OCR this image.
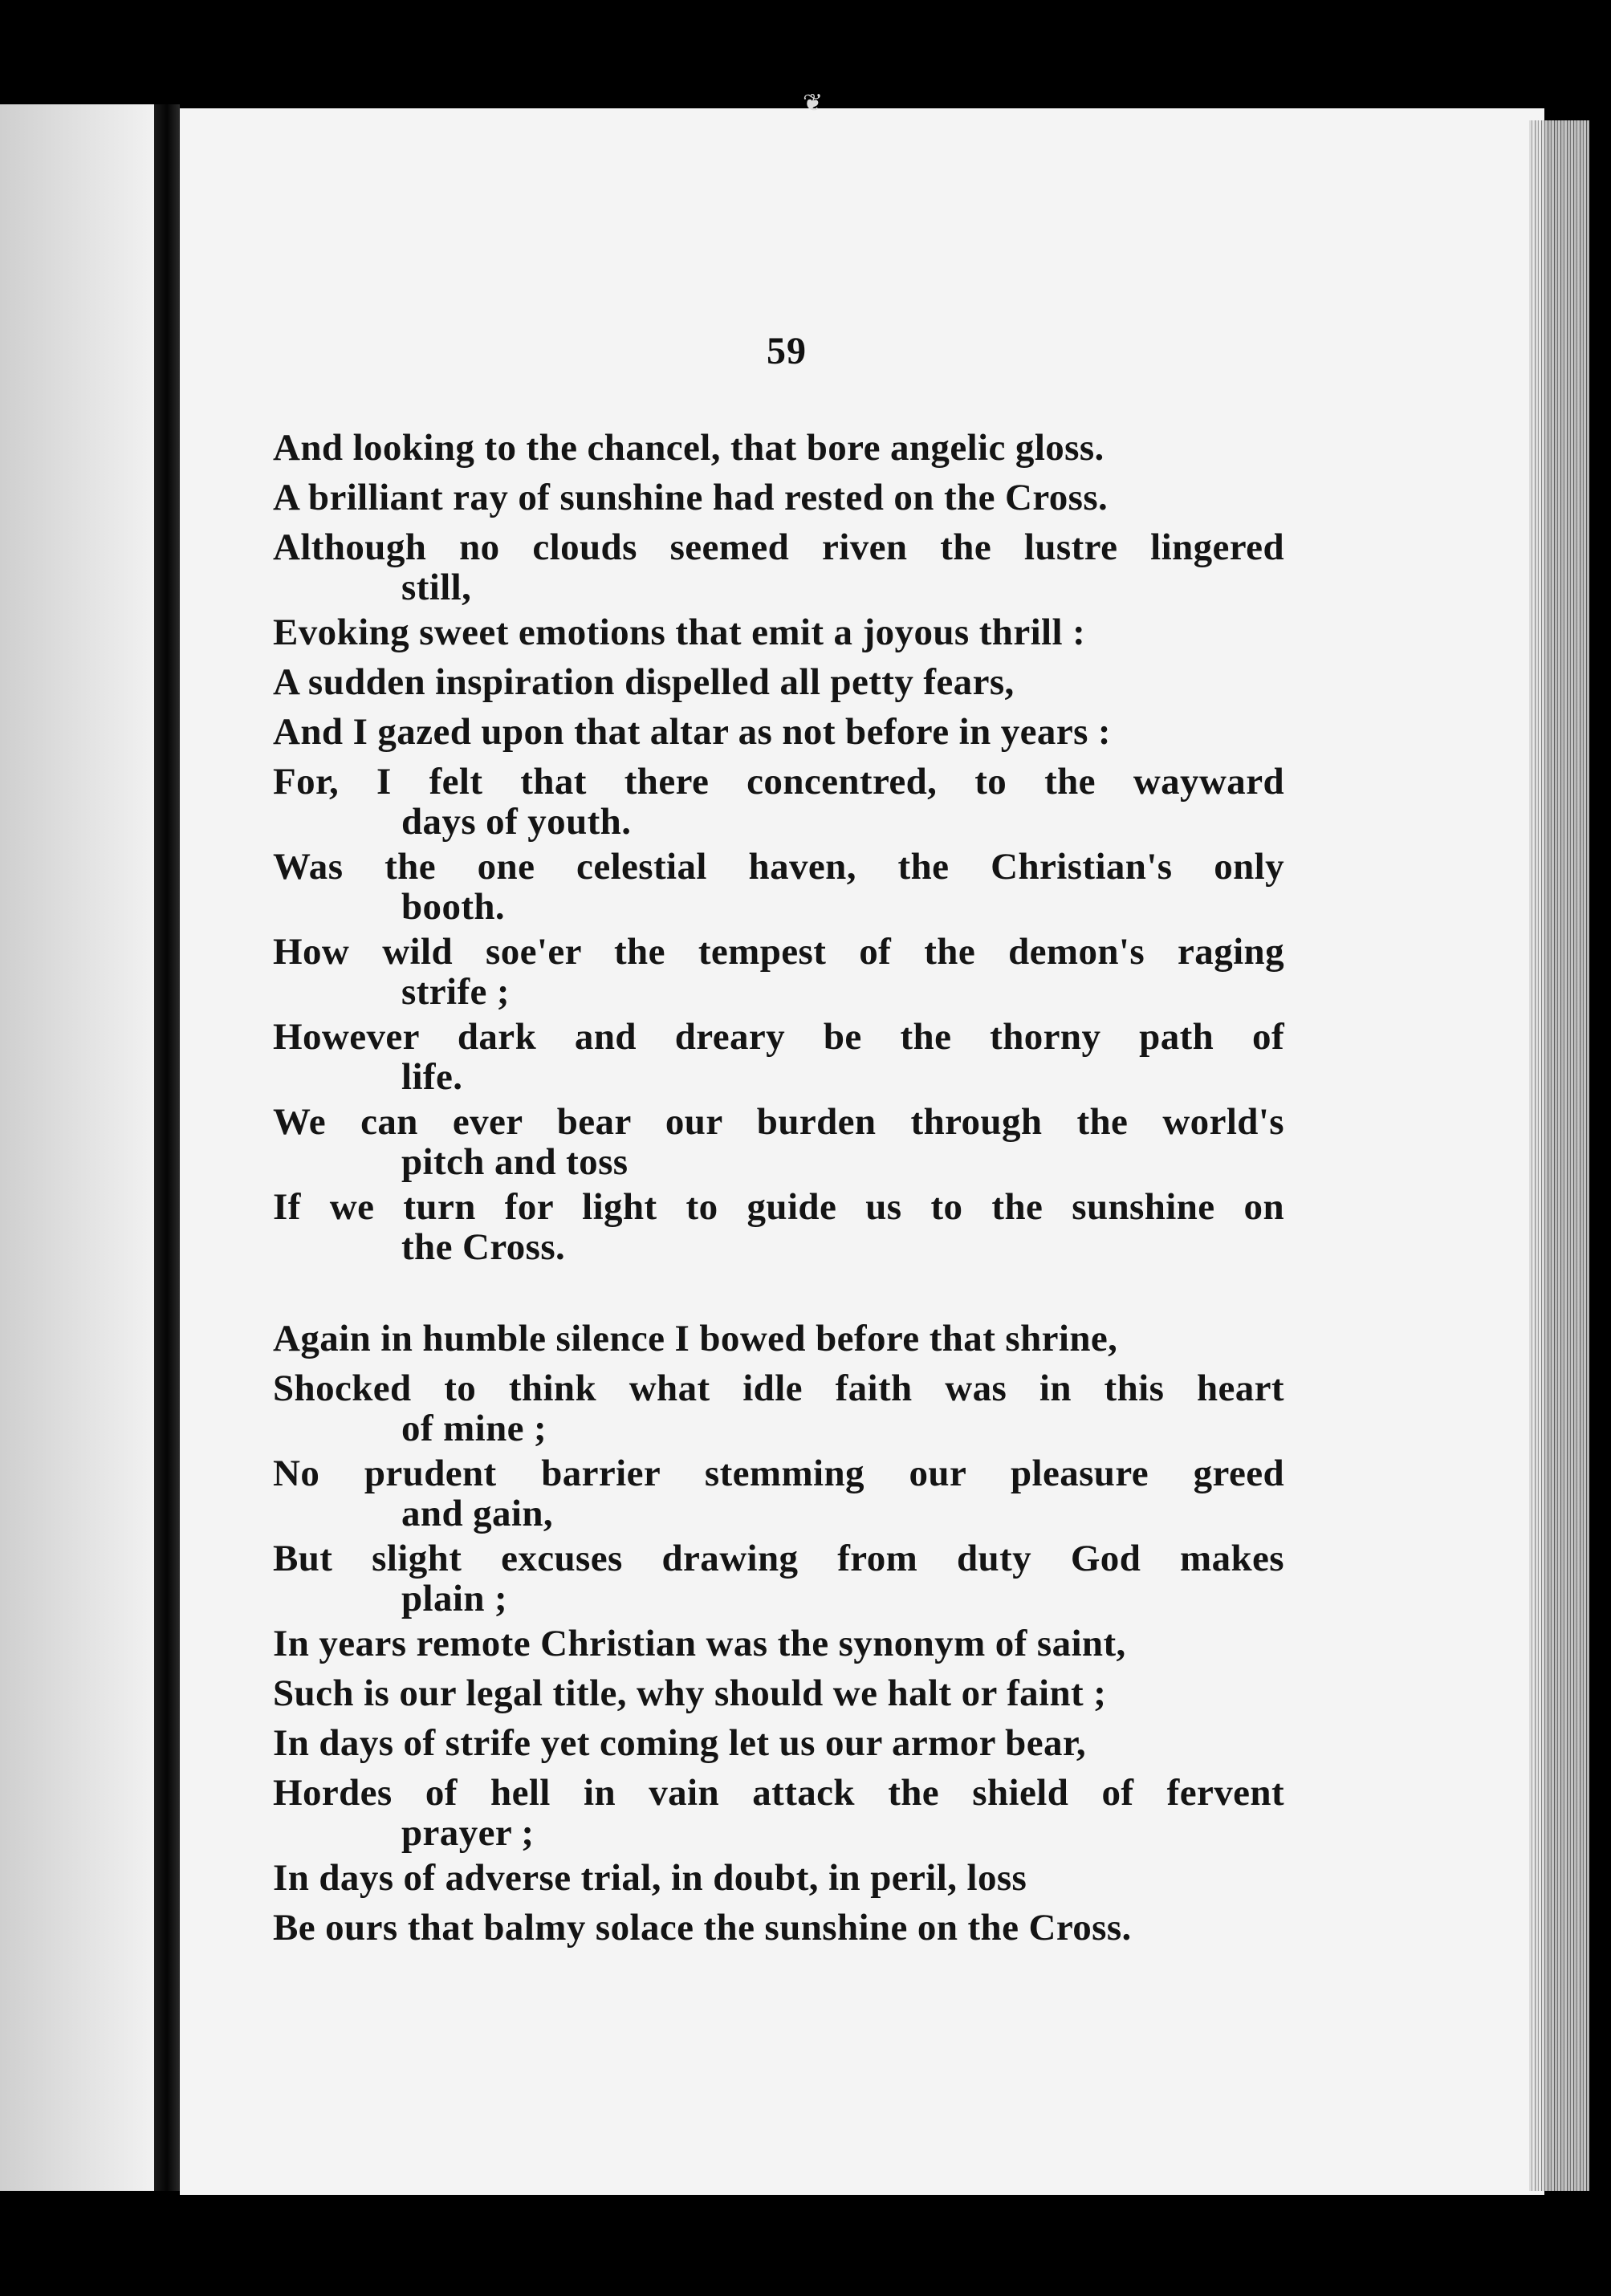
❦
59
And looking to the chancel, that bore angelic gloss.
A brilliant ray of sunshine had rested on the Cross.
Although no clouds seemed riven the lustre lingered
still,
Evoking sweet emotions that emit a joyous thrill :
A sudden inspiration dispelled all petty fears,
And I gazed upon that altar as not before in years :
For, I felt that there concentred, to the wayward
days of youth.
Was the one celestial haven, the Christian's only
booth.
How wild soe'er the tempest of the demon's raging
strife ;
However dark and dreary be the thorny path of
life.
We can ever bear our burden through the world's
pitch and toss
If we turn for light to guide us to the sunshine on
the Cross.
Again in humble silence I bowed before that shrine,
Shocked to think what idle faith was in this heart
of mine ;
No prudent barrier stemming our pleasure greed
and gain,
But slight excuses drawing from duty God makes
plain ;
In years remote Christian was the synonym of saint,
Such is our legal title, why should we halt or faint ;
In days of strife yet coming let us our armor bear,
Hordes of hell in vain attack the shield of fervent
prayer ;
In days of adverse trial, in doubt, in peril, loss
Be ours that balmy solace the sunshine on the Cross.
